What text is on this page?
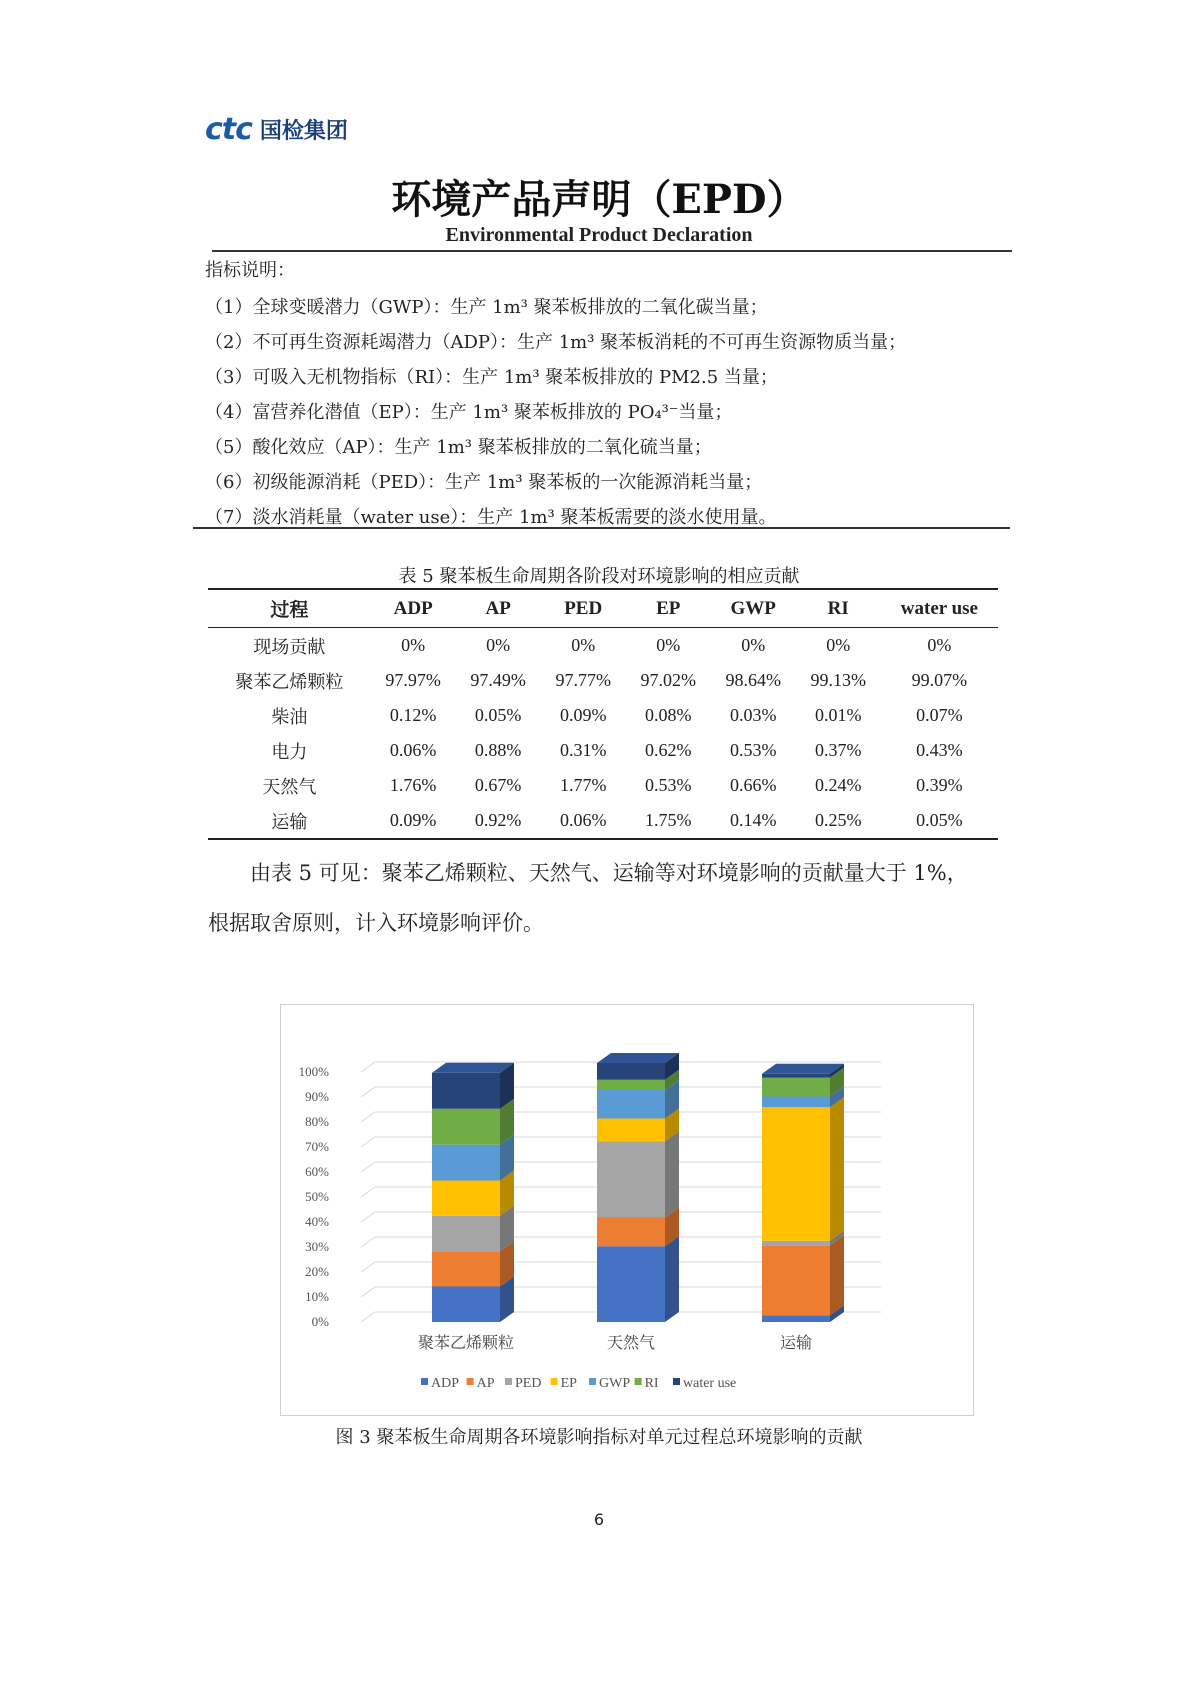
ctc 国检集团
环境产品声明（EPD）
Environmental Product Declaration
指标说明：
（1）全球变暖潜力（GWP）：生产 1m³ 聚苯板排放的二氧化碳当量；
（2）不可再生资源耗竭潜力（ADP）：生产 1m³ 聚苯板消耗的不可再生资源物质当量；
（3）可吸入无机物指标（RI）：生产 1m³ 聚苯板排放的 PM2.5 当量；
（4）富营养化潜值（EP）：生产 1m³ 聚苯板排放的 PO₄³⁻当量；
（5）酸化效应（AP）：生产 1m³ 聚苯板排放的二氧化硫当量；
（6）初级能源消耗（PED）：生产 1m³ 聚苯板的一次能源消耗当量；
（7）淡水消耗量（water use）：生产 1m³ 聚苯板需要的淡水使用量。
表 5 聚苯板生命周期各阶段对环境影响的相应贡献
过程	ADP	AP	PED	EP	GWP	RI	water use
现场贡献	0%	0%	0%	0%	0%	0%	0%
聚苯乙烯颗粒	97.97%	97.49%	97.77%	97.02%	98.64%	99.13%	99.07%
柴油	0.12%	0.05%	0.09%	0.08%	0.03%	0.01%	0.07%
电力	0.06%	0.88%	0.31%	0.62%	0.53%	0.37%	0.43%
天然气	1.76%	0.67%	1.77%	0.53%	0.66%	0.24%	0.39%
运输	0.09%	0.92%	0.06%	1.75%	0.14%	0.25%	0.05%
由表 5 可见：聚苯乙烯颗粒、天然气、运输等对环境影响的贡献量大于 1%，
根据取舍原则，计入环境影响评价。
0%
10%
20%
30%
40%
50%
60%
70%
80%
90%
100%
聚苯乙烯颗粒	天然气	运输
ADP AP PED EP GWP RI water use
图 3 聚苯板生命周期各环境影响指标对单元过程总环境影响的贡献
6
